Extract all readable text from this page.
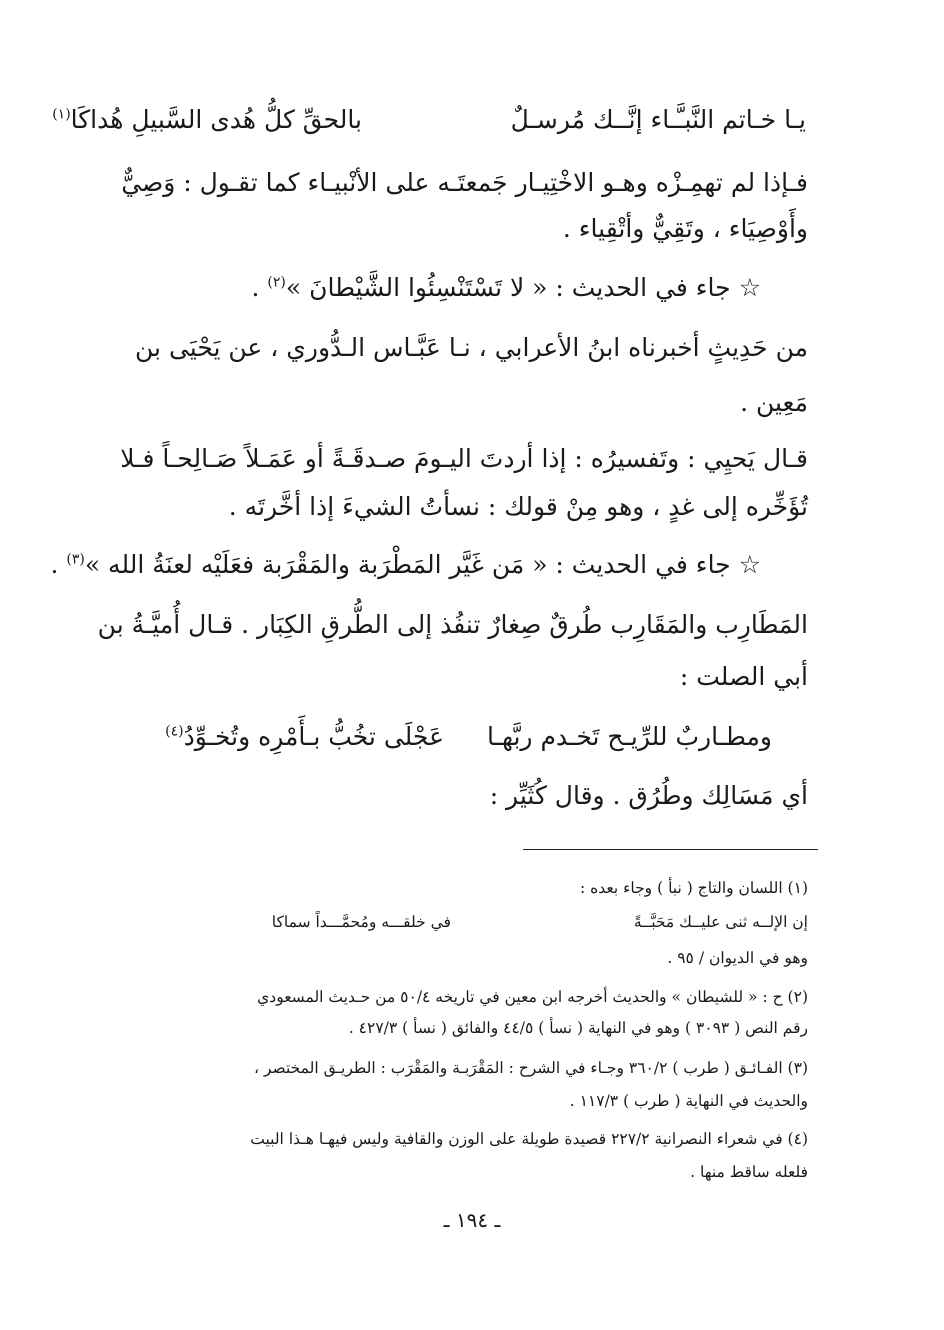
يـا خـاتم النَّبـَّـاء إنَّــك مُرسـلٌ
بالحقِّ كلُّ هُدى السَّبيلِ هُداكَا$^{(١)}$
فـإذا لم تهمِـزْه وهـو الاخْتِيـار جَمعتَـه على الأنْبيـاء كما تقـول : وَصِيٌّ
وأَوْصِيَاء ، وتَقِيٌّ وأتْقِياء .
☆ جاء في الحديث : « لا تَسْتَنْسِئُوا الشَّيْطانَ »$^{(٢)}$ .
من حَدِيثٍ أخبرناه ابنُ الأعرابي ، نـا عَبَّـاس الـدُّوري ، عن يَحْيَى بن
مَعِين .
قـال يَحيِي : وتَفسيرُه : إذا أردتَ اليـومَ صـدقَـةً أو عَمَـلاً صَـالِحـاً فـلا
تُؤَخِّره إلى غدٍ ، وهو مِنْ قولك : نسأتُ الشيءَ إذا أخَّرتَه .
☆ جاء في الحديث : « مَن غَيَّر المَطْرَبة والمَقْرَبة فعَلَيْه لعنَةُ الله »$^{(٣)}$ .
المَطَارِب والمَقَارِب طُرقٌ صِغارٌ تنفُذ إلى الطُّرقِ الكِبَار . قـال أُميَّـةُ بن
أبي الصلت :
ومطـاربٌ للرِّيـح تَخـدم ربَّهـا
عَجْلَى تخُبُّ بـأَمْرِه وتُخـوِّدُ$^{(٤)}$
أي مَسَالِك وطُرُق . وقال كُثَيِّر :
(١) اللسان والتاج ( نبأ ) وجاء بعده :
إن الإلــه ثنى عليــك مَحَبَّــةً
في خلقـــه ومُحمَّـــداً سماكا
وهو في الديوان / ٩٥ .
(٢) ح : « للشيطان » والحديث أخرجه ابن معين في تاريخه ٥٠/٤ من حـديث المسعودي
رقم النص ( ٣٠٩٣ ) وهو في النهاية ( نسأ ) ٤٤/٥ والفائق ( نسأ ) ٤٢٧/٣ .
(٣) الفـائـق ( طرب ) ٣٦٠/٢ وجـاء في الشرح : المَقْرَبـة والمَقْرَب : الطريـق المختصر ،
والحديث في النهاية ( طرب ) ١١٧/٣ .
(٤) في شعراء النصرانية ٢٢٧/٢ قصيدة طويلة على الوزن والقافية وليس فيهـا هـذا البيت
فلعله ساقط منها .
ـ ١٩٤ ـ
